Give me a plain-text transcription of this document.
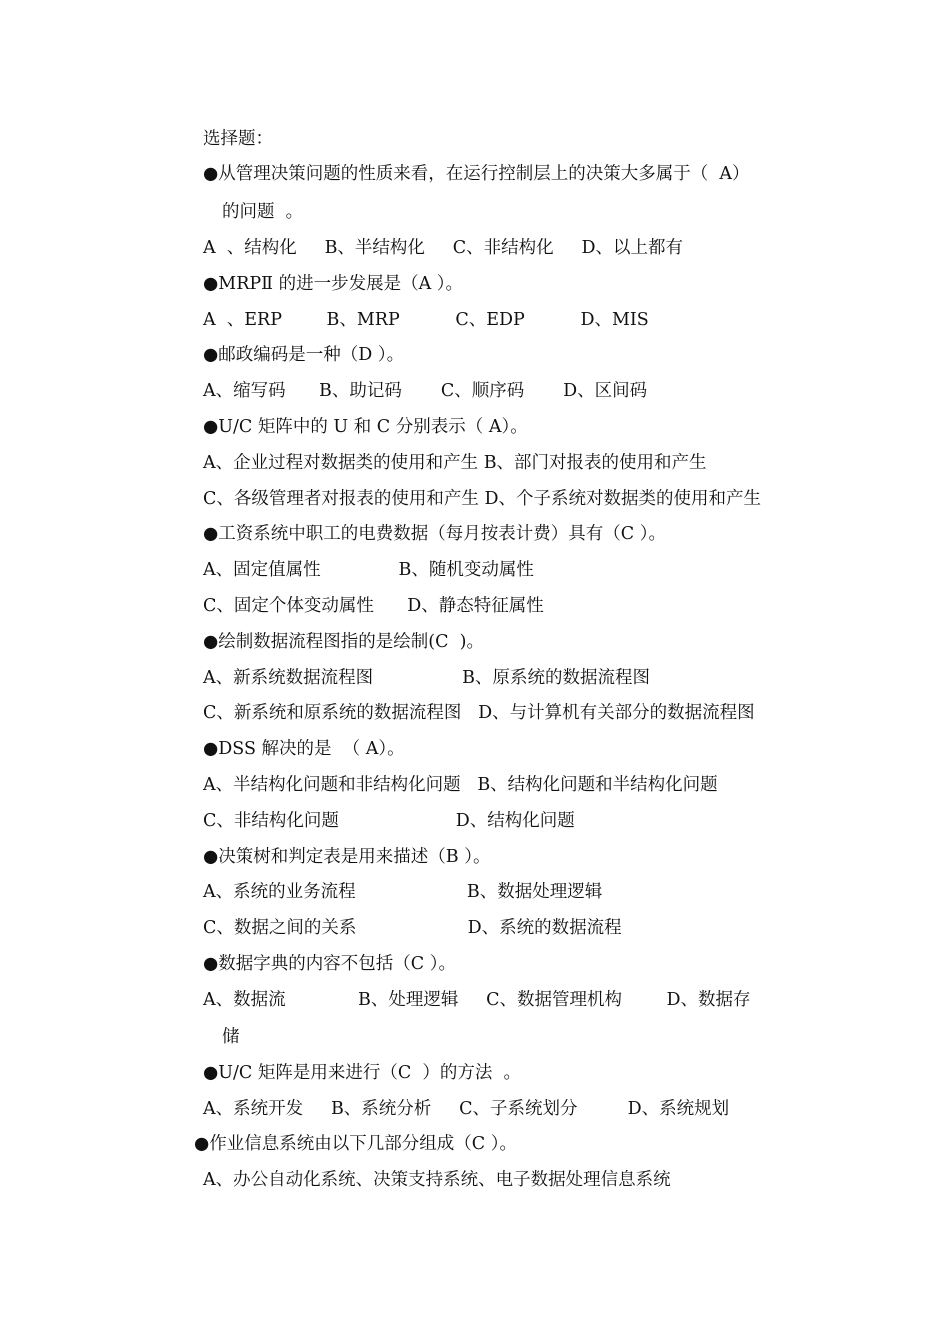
选择题：
●从管理决策问题的性质来看，在运行控制层上的决策大多属于（  A）
的问题  。
A  、结构化     B、半结构化     C、非结构化     D、以上都有
●MRPⅡ 的进一步发展是（A ）。
A  、ERP        B、MRP          C、EDP          D、MIS
●邮政编码是一种（D ）。
A、缩写码      B、助记码       C、顺序码       D、区间码
●U/C 矩阵中的 U 和 C 分别表示（ A）。
A、企业过程对数据类的使用和产生 B、部门对报表的使用和产生
C、各级管理者对报表的使用和产生 D、个子系统对数据类的使用和产生
●工资系统中职工的电费数据（每月按表计费）具有（C ）。
A、固定值属性              B、随机变动属性
C、固定个体变动属性      D、静态特征属性
●绘制数据流程图指的是绘制(C  )。
A、新系统数据流程图                B、原系统的数据流程图
C、新系统和原系统的数据流程图   D、与计算机有关部分的数据流程图
●DSS 解决的是  （ A）。
A、半结构化问题和非结构化问题   B、结构化问题和半结构化问题
C、非结构化问题                     D、结构化问题
●决策树和判定表是用来描述（B ）。
A、系统的业务流程                    B、数据处理逻辑
C、数据之间的关系                    D、系统的数据流程
●数据字典的内容不包括（C ）。
A、数据流             B、处理逻辑     C、数据管理机构        D、数据存
储
●U/C 矩阵是用来进行（C  ）的方法  。
A、系统开发     B、系统分析     C、子系统划分         D、系统规划
●作业信息系统由以下几部分组成（C ）。
A、办公自动化系统、决策支持系统、电子数据处理信息系统
